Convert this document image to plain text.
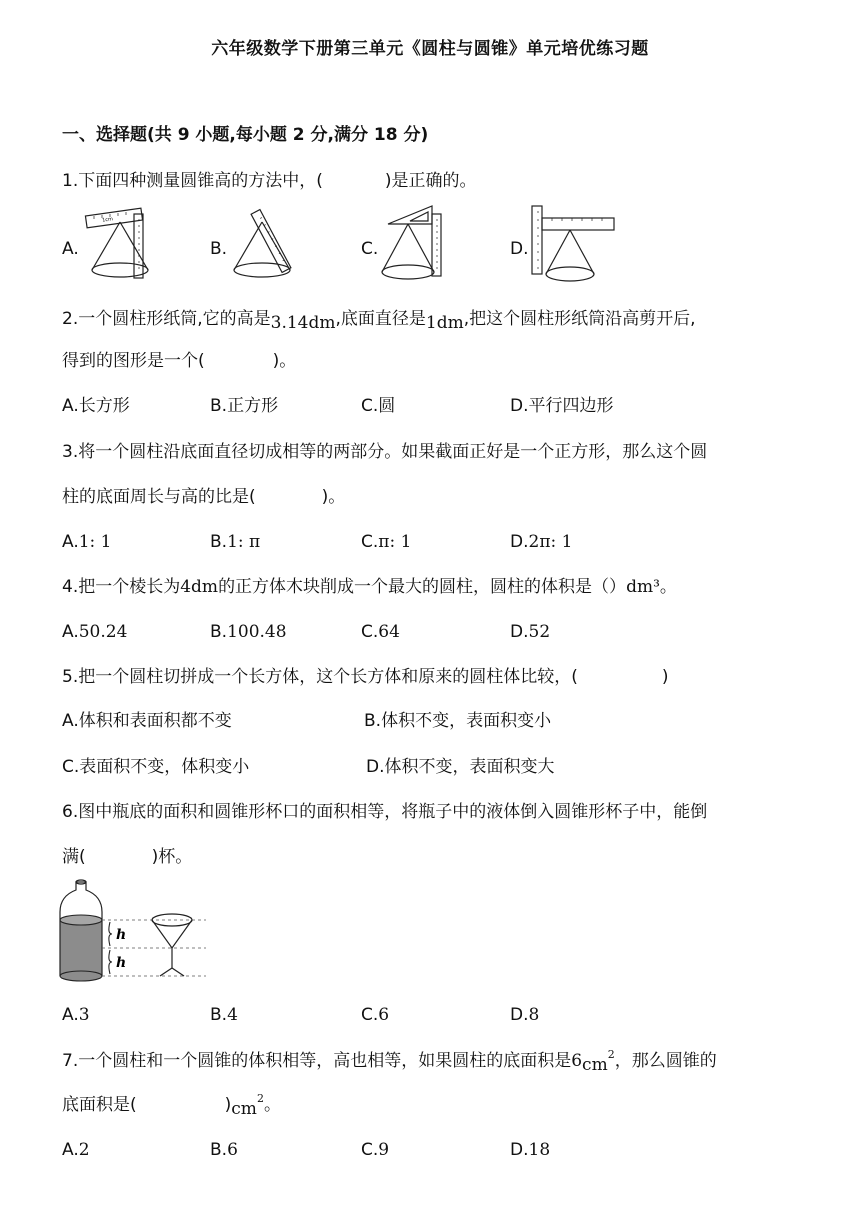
六年级数学下册第三单元《圆柱与圆锥》单元培优练习题
一、选择题(共 9 小题,每小题 2 分,满分 18 分)
1.下面四种测量圆锥高的方法中，(	)是正确的。
A.	B.	C.	D.
1cm
2.一个圆柱形纸筒,它的高是3.14dm,底面直径是1dm,把这个圆柱形纸筒沿高剪开后,
得到的图形是一个(	)。
A.长方形	B.正方形	C.圆	D.平行四边形
3.将一个圆柱沿底面直径切成相等的两部分。如果截面正好是一个正方形，那么这个圆
柱的底面周长与高的比是(	)。
A.1: 1	B.1: π	C.π: 1	D.2π: 1
4.把一个棱长为4dm的正方体木块削成一个最大的圆柱，圆柱的体积是（）dm³。
A.50.24	B.100.48	C.64	D.52
5.把一个圆柱切拼成一个长方体，这个长方体和原来的圆柱体比较，(	)
A.体积和表面积都不变	B.体积不变，表面积变小
C.表面积不变，体积变小	D.体积不变，表面积变大
6.图中瓶底的面积和圆锥形杯口的面积相等，将瓶子中的液体倒入圆锥形杯子中，能倒
满(	)杯。
h
h
A.3	B.4	C.6	D.8
7.一个圆柱和一个圆锥的体积相等，高也相等，如果圆柱的底面积是$6cm^2$，那么圆锥的
底面积是(	)$cm^2$。
A.2	B.6	C.9	D.18
